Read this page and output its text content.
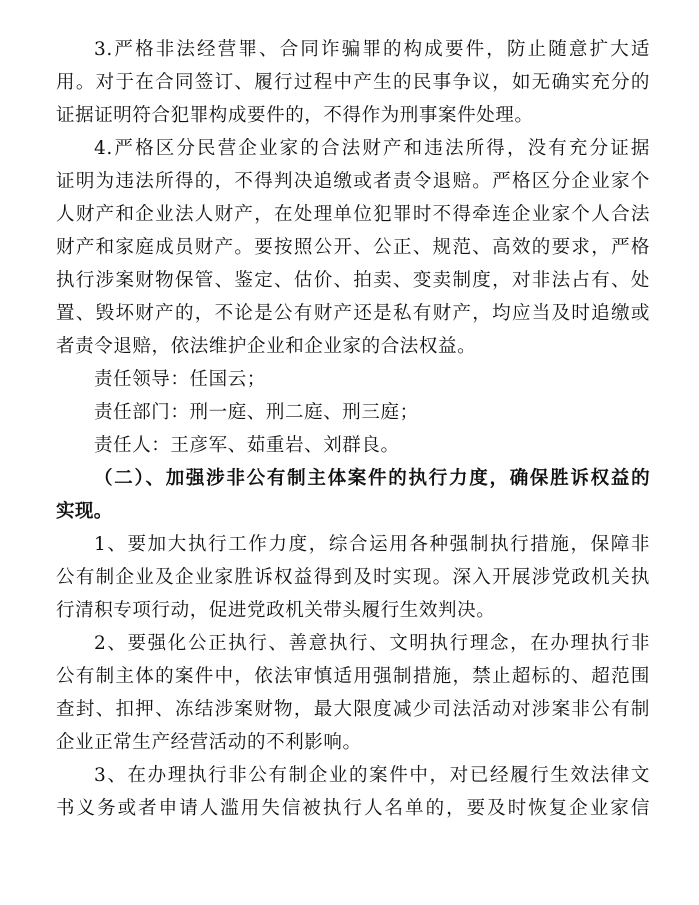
3.严格非法经营罪、合同诈骗罪的构成要件，防止随意扩大适
用。对于在合同签订、履行过程中产生的民事争议，如无确实充分的
证据证明符合犯罪构成要件的，不得作为刑事案件处理。
4.严格区分民营企业家的合法财产和违法所得，没有充分证据
证明为违法所得的，不得判决追缴或者责令退赔。严格区分企业家个
人财产和企业法人财产，在处理单位犯罪时不得牵连企业家个人合法
财产和家庭成员财产。要按照公开、公正、规范、高效的要求，严格
执行涉案财物保管、鉴定、估价、拍卖、变卖制度，对非法占有、处
置、毁坏财产的，不论是公有财产还是私有财产，均应当及时追缴或
者责令退赔，依法维护企业和企业家的合法权益。
责任领导：任国云；
责任部门：刑一庭、刑二庭、刑三庭；
责任人：王彦军、茹重岩、刘群良。
（二）、加强涉非公有制主体案件的执行力度，确保胜诉权益的
实现。
1、要加大执行工作力度，综合运用各种强制执行措施，保障非
公有制企业及企业家胜诉权益得到及时实现。深入开展涉党政机关执
行清积专项行动，促进党政机关带头履行生效判决。
2、要强化公正执行、善意执行、文明执行理念，在办理执行非
公有制主体的案件中，依法审慎适用强制措施，禁止超标的、超范围
查封、扣押、冻结涉案财物，最大限度减少司法活动对涉案非公有制
企业正常生产经营活动的不利影响。
3、在办理执行非公有制企业的案件中，对已经履行生效法律文
书义务或者申请人滥用失信被执行人名单的，要及时恢复企业家信
